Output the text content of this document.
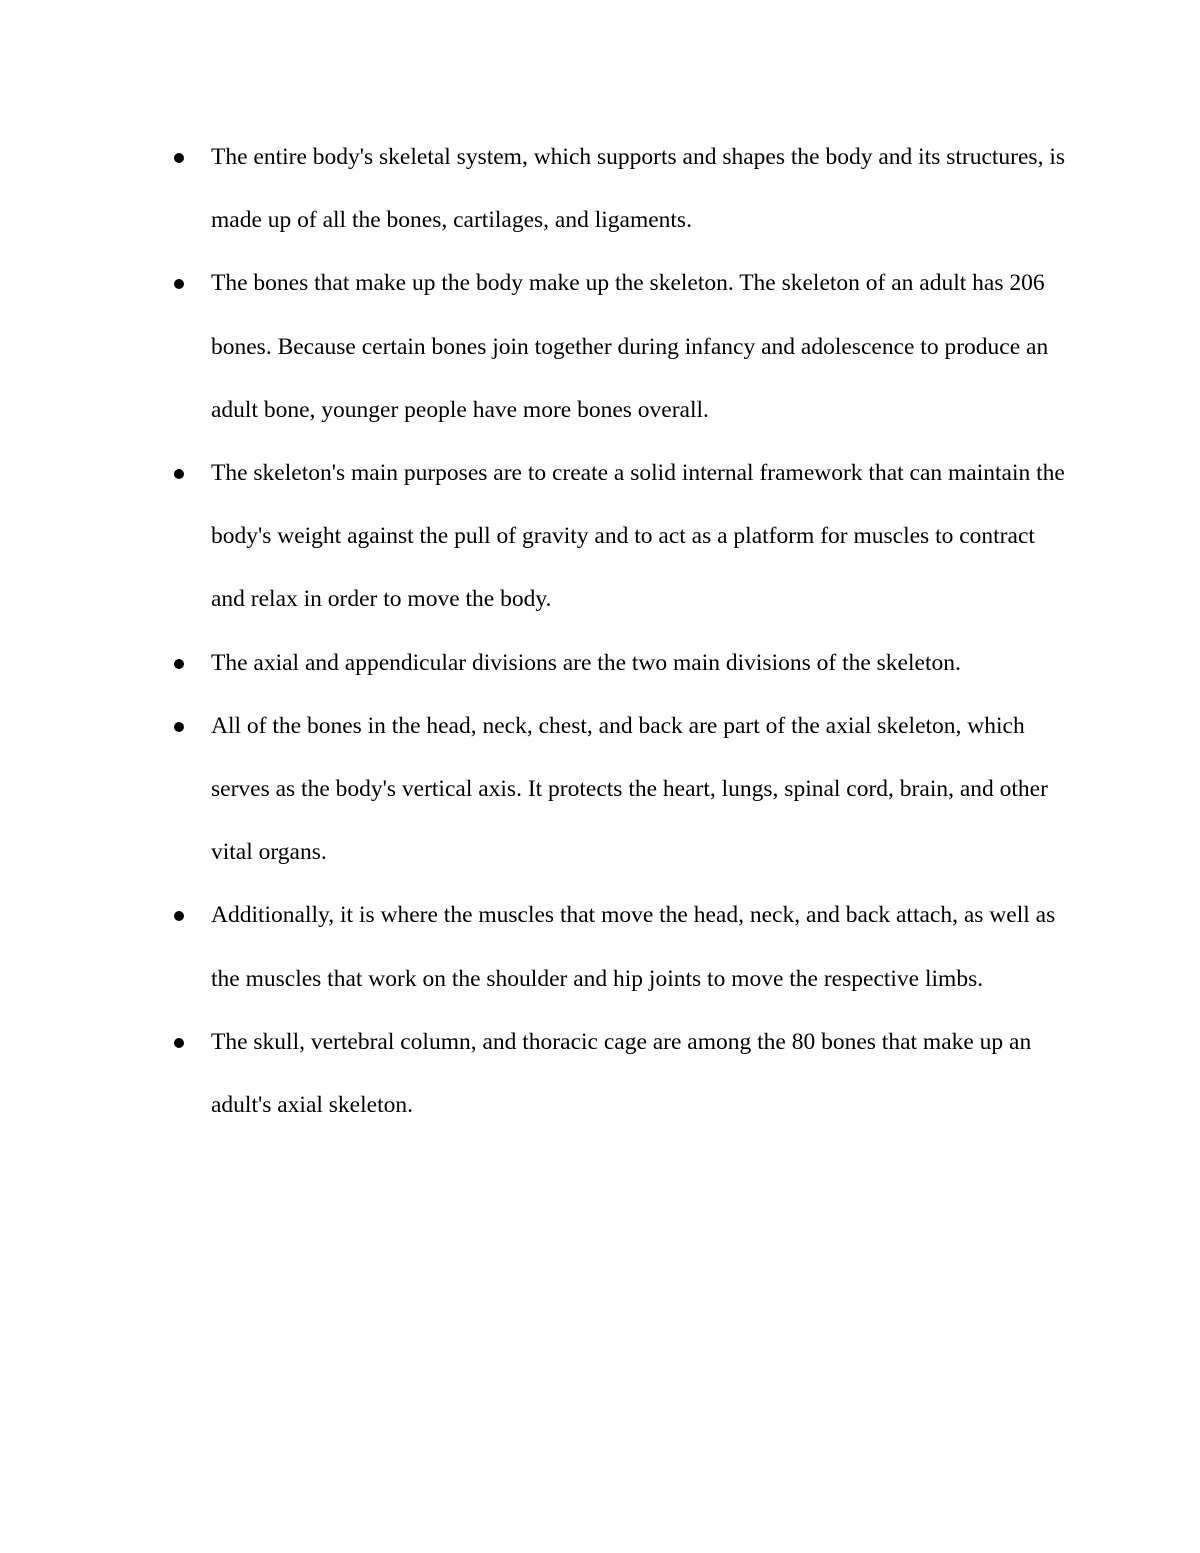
The entire body's skeletal system, which supports and shapes the body and its structures, is made up of all the bones, cartilages, and ligaments.
The bones that make up the body make up the skeleton. The skeleton of an adult has 206 bones. Because certain bones join together during infancy and adolescence to produce an adult bone, younger people have more bones overall.
The skeleton's main purposes are to create a solid internal framework that can maintain the body's weight against the pull of gravity and to act as a platform for muscles to contract and relax in order to move the body.
The axial and appendicular divisions are the two main divisions of the skeleton.
All of the bones in the head, neck, chest, and back are part of the axial skeleton, which serves as the body's vertical axis. It protects the heart, lungs, spinal cord, brain, and other vital organs.
Additionally, it is where the muscles that move the head, neck, and back attach, as well as the muscles that work on the shoulder and hip joints to move the respective limbs.
The skull, vertebral column, and thoracic cage are among the 80 bones that make up an adult's axial skeleton.
